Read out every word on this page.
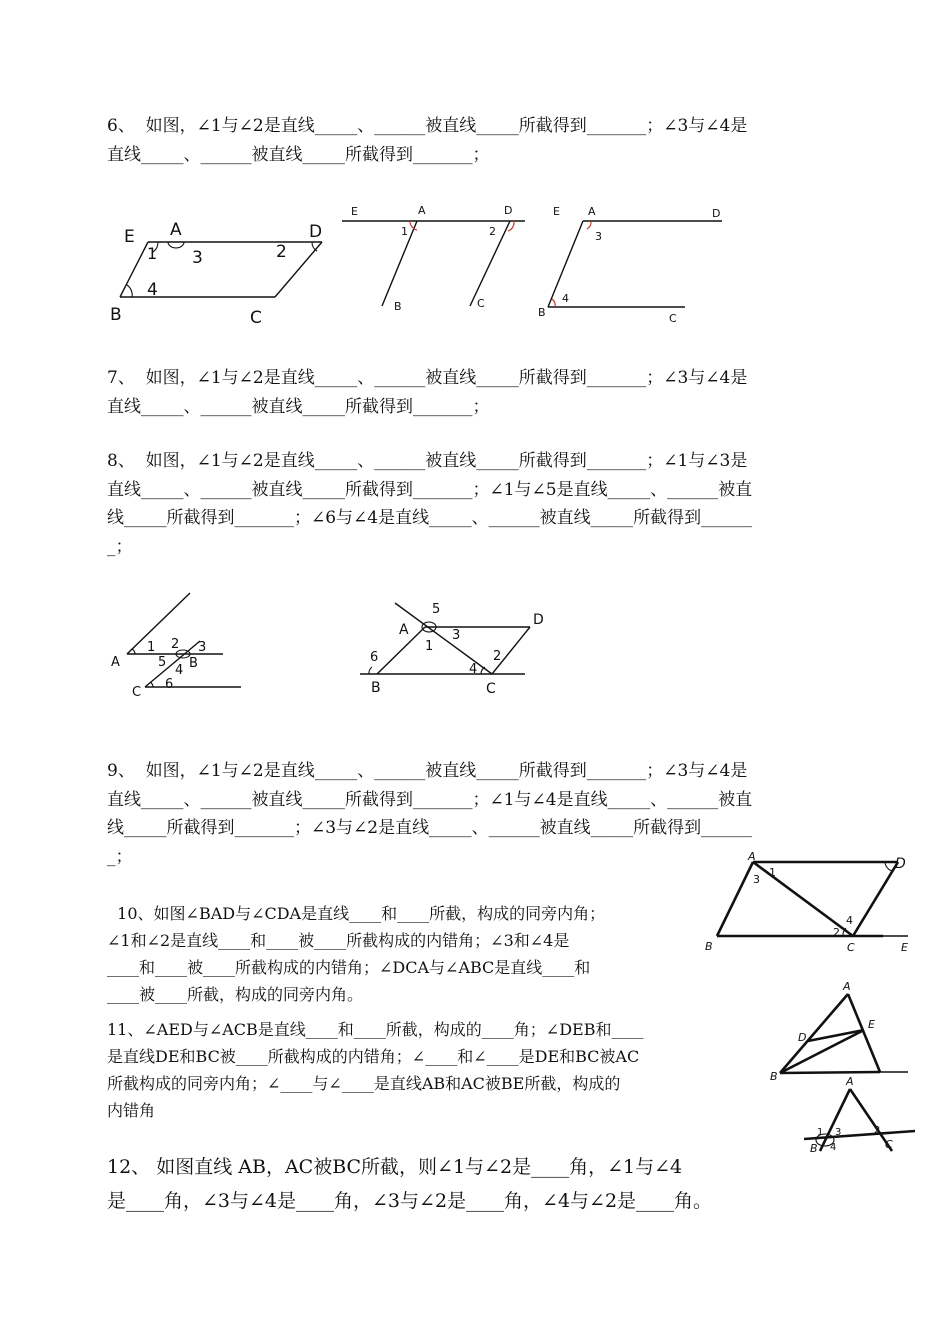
6、  如图，∠1与∠2是直线_____、______被直线_____所截得到_______；∠3与∠4是

直线_____、______被直线_____所截得到_______；

E A	D
B	C
1	2
3
4
E	A	D
B	C
1	2
E	A	D
B	C
3
4

7、  如图，∠1与∠2是直线_____、______被直线_____所截得到_______；∠3与∠4是

直线_____、______被直线_____所截得到_______；

8、  如图，∠1与∠2是直线_____、______被直线_____所截得到_______；∠1与∠3是

直线_____、______被直线_____所截得到_______；∠1与∠5是直线_____、______被直

线_____所截得到_______；∠6与∠4是直线_____、______被直线_____所截得到______

_；

A	B
C
1 2 3
4
5
6
A
D
B	C
1
2
3
4
5
6

9、  如图，∠1与∠2是直线_____、______被直线_____所截得到_______；∠3与∠4是

直线_____、______被直线_____所截得到_______；∠1与∠4是直线_____、______被直

线_____所截得到_______；∠3与∠2是直线_____、______被直线_____所截得到______

_；

10、如图∠BAD与∠CDA是直线____和____所截，构成的同旁内角；

∠1和∠2是直线____和____被____所截构成的内错角；∠3和∠4是

____和____被____所截构成的内错角；∠DCA与∠ABC是直线____和

____被____所截，构成的同旁内角。

A	D
B	C	E
1
2
3
4

11、∠AED与∠ACB是直线____和____所截，构成的____角；∠DEB和____

是直线DE和BC被____所截构成的内错角；∠____和∠____是DE和BC被AC

所截构成的同旁内角；∠____与∠____是直线AB和AC被BE所截，构成的

内错角

A
B
D
E

12、 如图直线 AB，AC被BC所截，则∠1与∠2是____角，∠1与∠4

是____角，∠3与∠4是____角，∠3与∠2是____角，∠4与∠2是____角。

A
B	C
1	2
3
4
